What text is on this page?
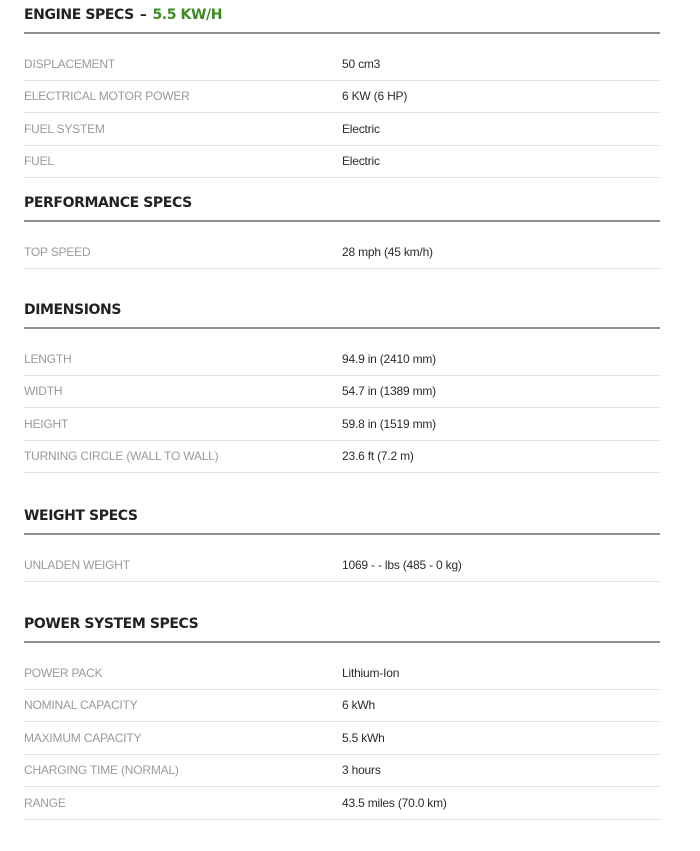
ENGINE SPECS – 5.5 KW/H
DISPLACEMENT	50 cm3
ELECTRICAL MOTOR POWER	6 KW (6 HP)
FUEL SYSTEM	Electric
FUEL	Electric
PERFORMANCE SPECS
TOP SPEED	28 mph (45 km/h)
DIMENSIONS
LENGTH	94.9 in (2410 mm)
WIDTH	54.7 in (1389 mm)
HEIGHT	59.8 in (1519 mm)
TURNING CIRCLE (WALL TO WALL)	23.6 ft (7.2 m)
WEIGHT SPECS
UNLADEN WEIGHT	1069 - - lbs (485 - 0 kg)
POWER SYSTEM SPECS
POWER PACK	Lithium-Ion
NOMINAL CAPACITY	6 kWh
MAXIMUM CAPACITY	5.5 kWh
CHARGING TIME (NORMAL)	3 hours
RANGE	43.5 miles (70.0 km)
